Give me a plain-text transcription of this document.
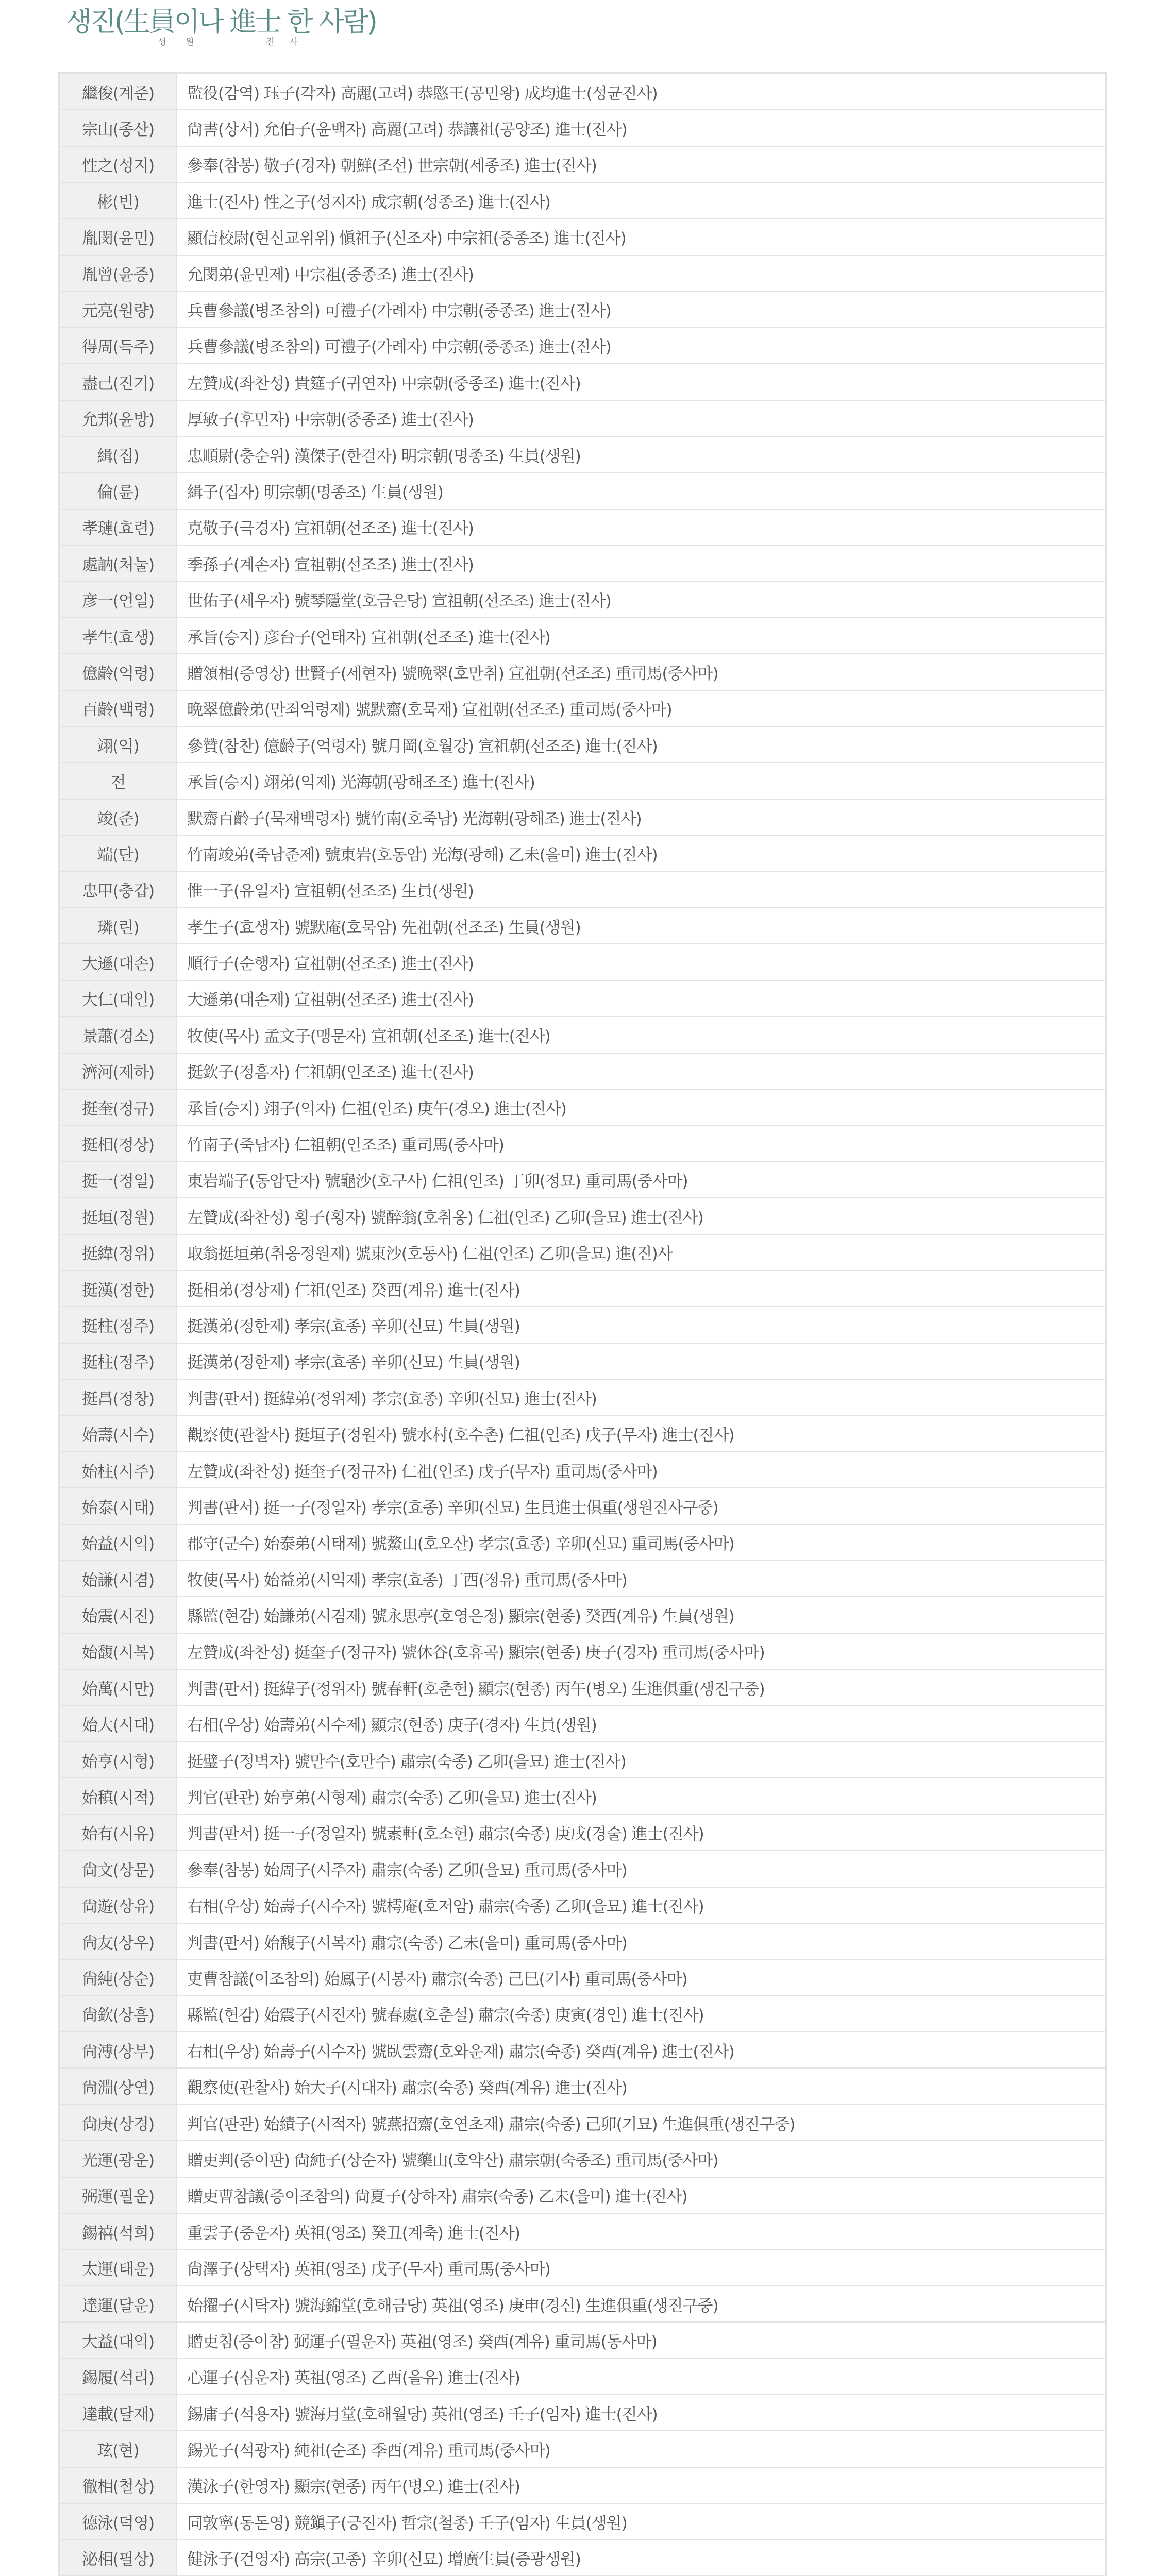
생진(生員이나 進士 한 사람)
생 원	진 사
繼俊(계준)	監役(감역) 珏子(각자) 高麗(고려) 恭愍王(공민왕) 成均進士(성균진사)
宗山(종산)	尙書(상서) 允伯子(윤백자) 高麗(고려) 恭讓祖(공양조) 進士(진사)
性之(성지)	參奉(참봉) 敬子(경자) 朝鮮(조선) 世宗朝(세종조) 進士(진사)
彬(빈)	進士(진사) 性之子(성지자) 成宗朝(성종조) 進士(진사)
胤閔(윤민)	顯信校尉(현신교위위) 愼祖子(신조자) 中宗祖(중종조) 進士(진사)
胤曾(윤증)	允閔弟(윤민제) 中宗祖(중종조) 進士(진사)
元亮(원량)	兵曹參議(병조참의) 可禮子(가례자) 中宗朝(중종조) 進士(진사)
得周(득주)	兵曹參議(병조참의) 可禮子(가례자) 中宗朝(중종조) 進士(진사)
盡己(진기)	左贊成(좌찬성) 貴筵子(귀연자) 中宗朝(중종조) 進士(진사)
允邦(윤방)	厚敏子(후민자) 中宗朝(중종조) 進士(진사)
緝(집)	忠順尉(충순위) 漢傑子(한걸자) 明宗朝(명종조) 生員(생원)
倫(륜)	緝子(집자) 明宗朝(명종조) 生員(생원)
孝璉(효련)	克敬子(극경자) 宣祖朝(선조조) 進士(진사)
處訥(처눌)	季孫子(계손자) 宣祖朝(선조조) 進士(진사)
彦一(언일)	世佑子(세우자) 號琴隱堂(호금은당) 宣祖朝(선조조) 進士(진사)
孝生(효생)	承旨(승지) 彦台子(언태자) 宣祖朝(선조조) 進士(진사)
億齡(억령)	贈領相(증영상) 世賢子(세현자) 號晩翠(호만취) 宣祖朝(선조조) 重司馬(중사마)
百齡(백령)	晩翠億齡弟(만죄억령제) 號默齋(호묵재) 宣祖朝(선조조) 重司馬(중사마)
翊(익)	參贊(참찬) 億齡子(억령자) 號月岡(호월강) 宣祖朝(선조조) 進士(진사)
전	承旨(승지) 翊弟(익제) 光海朝(광해조조) 進士(진사)
竣(준)	默齋百齡子(묵재백령자) 號竹南(호죽남) 光海朝(광해조) 進士(진사)
端(단)	竹南竣弟(죽남준제) 號東岩(호동암) 光海(광해) 乙未(을미) 進士(진사)
忠甲(충갑)	惟一子(유일자) 宣祖朝(선조조) 生員(생원)
璘(린)	孝生子(효생자) 號默庵(호묵암) 先祖朝(선조조) 生員(생원)
大遜(대손)	順行子(순행자) 宣祖朝(선조조) 進士(진사)
大仁(대인)	大遜弟(대손제) 宣祖朝(선조조) 進士(진사)
景蕭(경소)	牧使(목사) 孟文子(맹문자) 宣祖朝(선조조) 進士(진사)
濟河(제하)	挺欽子(정흠자) 仁祖朝(인조조) 進士(진사)
挺奎(정규)	承旨(승지) 翊子(익자) 仁祖(인조) 庚午(경오) 進士(진사)
挺相(정상)	竹南子(죽남자) 仁祖朝(인조조) 重司馬(중사마)
挺一(정일)	東岩端子(동암단자) 號龜沙(호구사) 仁祖(인조) 丁卯(정묘) 重司馬(중사마)
挺垣(정원)	左贊成(좌찬성) 횡子(횡자) 號醉翁(호취옹) 仁祖(인조) 乙卯(을묘) 進士(진사)
挺緯(정위)	取翁挺垣弟(취옹정원제) 號東沙(호동사) 仁祖(인조) 乙卯(을묘) 進(진)사
挺漢(정한)	挺相弟(정상제) 仁祖(인조) 癸酉(계유) 進士(진사)
挺柱(정주)	挺漢弟(정한제) 孝宗(효종) 辛卯(신묘) 生員(생원)
挺柱(정주)	挺漢弟(정한제) 孝宗(효종) 辛卯(신묘) 生員(생원)
挺昌(정창)	判書(판서) 挺緯弟(정위제) 孝宗(효종) 辛卯(신묘) 進士(진사)
始壽(시수)	觀察使(관찰사) 挺垣子(정원자) 號水村(호수촌) 仁祖(인조) 戊子(무자) 進士(진사)
始柱(시주)	左贊成(좌찬성) 挺奎子(정규자) 仁祖(인조) 戊子(무자) 重司馬(중사마)
始泰(시태)	判書(판서) 挺一子(정일자) 孝宗(효종) 辛卯(신묘) 生員進士俱重(생원진사구중)
始益(시익)	郡守(군수) 始泰弟(시태제) 號鰲山(호오산) 孝宗(효종) 辛卯(신묘) 重司馬(중사마)
始謙(시겸)	牧使(목사) 始益弟(시익제) 孝宗(효종) 丁酉(정유) 重司馬(중사마)
始震(시진)	縣監(현감) 始謙弟(시겸제) 號永思亭(호영은정) 顯宗(현종) 癸酉(계유) 生員(생원)
始馥(시복)	左贊成(좌찬성) 挺奎子(정규자) 號休谷(호휴곡) 顯宗(현종) 庚子(경자) 重司馬(중사마)
始萬(시만)	判書(판서) 挺緯子(정위자) 號春軒(호춘헌) 顯宗(현종) 丙午(병오) 生進俱重(생진구중)
始大(시대)	右相(우상) 始壽弟(시수제) 顯宗(현종) 庚子(경자) 生員(생원)
始亨(시형)	挺璧子(정벽자) 號만수(호만수) 肅宗(숙종) 乙卯(을묘) 進士(진사)
始稹(시적)	判官(판관) 始亨弟(시형제) 肅宗(숙종) 乙卯(을묘) 進士(진사)
始有(시유)	判書(판서) 挺一子(정일자) 號素軒(호소헌) 肅宗(숙종) 庚戌(경술) 進士(진사)
尙文(상문)	參奉(참봉) 始周子(시주자) 肅宗(숙종) 乙卯(을묘) 重司馬(중사마)
尙遊(상유)	右相(우상) 始壽子(시수자) 號樗庵(호저암) 肅宗(숙종) 乙卯(을묘) 進士(진사)
尙友(상우)	判書(판서) 始馥子(시복자) 肅宗(숙종) 乙未(을미) 重司馬(중사마)
尙純(상순)	吏曹참議(이조참의) 始鳳子(시봉자) 肅宗(숙종) 己巳(기사) 重司馬(중사마)
尙欽(상흠)	縣監(현감) 始震子(시진자) 號春處(호춘설) 肅宗(숙종) 庚寅(경인) 進士(진사)
尙溥(상부)	右相(우상) 始壽子(시수자) 號臥雲齋(호와운재) 肅宗(숙종) 癸酉(계유) 進士(진사)
尙淵(상연)	觀察使(관찰사) 始大子(시대자) 肅宗(숙종) 癸酉(계유) 進士(진사)
尙庚(상경)	判官(판관) 始績子(시적자) 號燕招齋(호연초재) 肅宗(숙종) 己卯(기묘) 生進俱重(생진구중)
光運(광운)	贈吏判(증이판) 尙純子(상순자) 號藥山(호약산) 肅宗朝(숙종조) 重司馬(중사마)
弼運(필운)	贈吏曹참議(증이조참의) 尙夏子(상하자) 肅宗(숙종) 乙未(을미) 進士(진사)
錫禧(석희)	重雲子(중운자) 英祖(영조) 癸丑(계축) 進士(진사)
太運(태운)	尙澤子(상택자) 英祖(영조) 戊子(무자) 重司馬(중사마)
達運(달운)	始擢子(시탁자) 號海錦堂(호해금당) 英祖(영조) 庚申(경신) 生進俱重(생진구중)
大益(대익)	贈吏침(증이참) 弼運子(필운자) 英祖(영조) 癸酉(계유) 重司馬(동사마)
錫履(석리)	心運子(심운자) 英祖(영조) 乙酉(을유) 進士(진사)
達載(달재)	錫庸子(석용자) 號海月堂(호해월당) 英祖(영조) 壬子(임자) 進士(진사)
玹(현)	錫光子(석광자) 純祖(순조) 季酉(계유) 重司馬(중사마)
徹相(철상)	漢泳子(한영자) 顯宗(현종) 丙午(병오) 進士(진사)
德泳(덕영)	同敦寧(동돈영) 競鎭子(긍진자) 哲宗(철종) 壬子(임자) 生員(생원)
泌相(필상)	健泳子(건영자) 高宗(고종) 辛卯(신묘) 增廣生員(증광생원)
